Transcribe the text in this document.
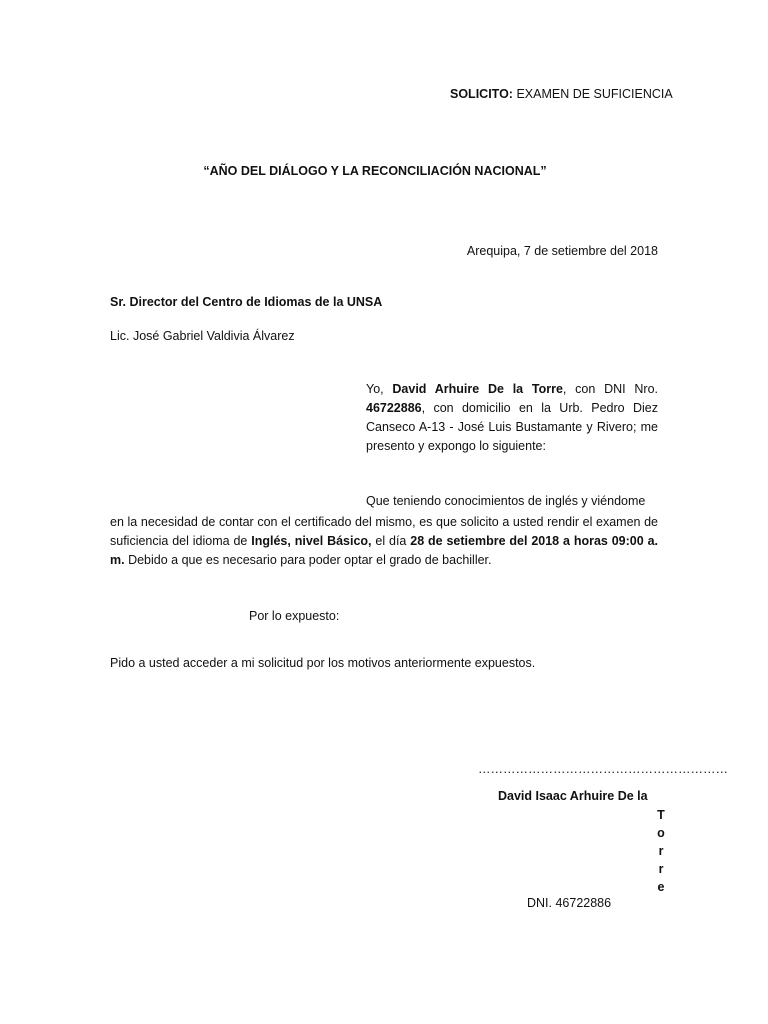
SOLICITO: EXAMEN DE SUFICIENCIA
“AÑO DEL DIÁLOGO Y LA RECONCILIACIÓN NACIONAL”
Arequipa, 7 de setiembre del 2018
Sr. Director del Centro de Idiomas de la UNSA
Lic. José Gabriel Valdivia Álvarez
Yo, David Arhuire De la Torre, con DNI Nro. 46722886, con domicilio en la Urb. Pedro Diez Canseco A-13 - José Luis Bustamante y Rivero; me presento y expongo lo siguiente:
Que teniendo conocimientos de inglés y viéndome
en la necesidad de contar con el certificado del mismo, es que solicito a usted rendir el examen de suficiencia del idioma de Inglés, nivel Básico, el día 28 de setiembre del 2018 a horas 09:00 a. m. Debido a que es necesario para poder optar el grado de bachiller.
Por lo expuesto:
Pido a usted acceder a mi solicitud por los motivos anteriormente expuestos.
……………………………………………………
David Isaac Arhuire De la
T
o
r
r
e
DNI. 46722886
